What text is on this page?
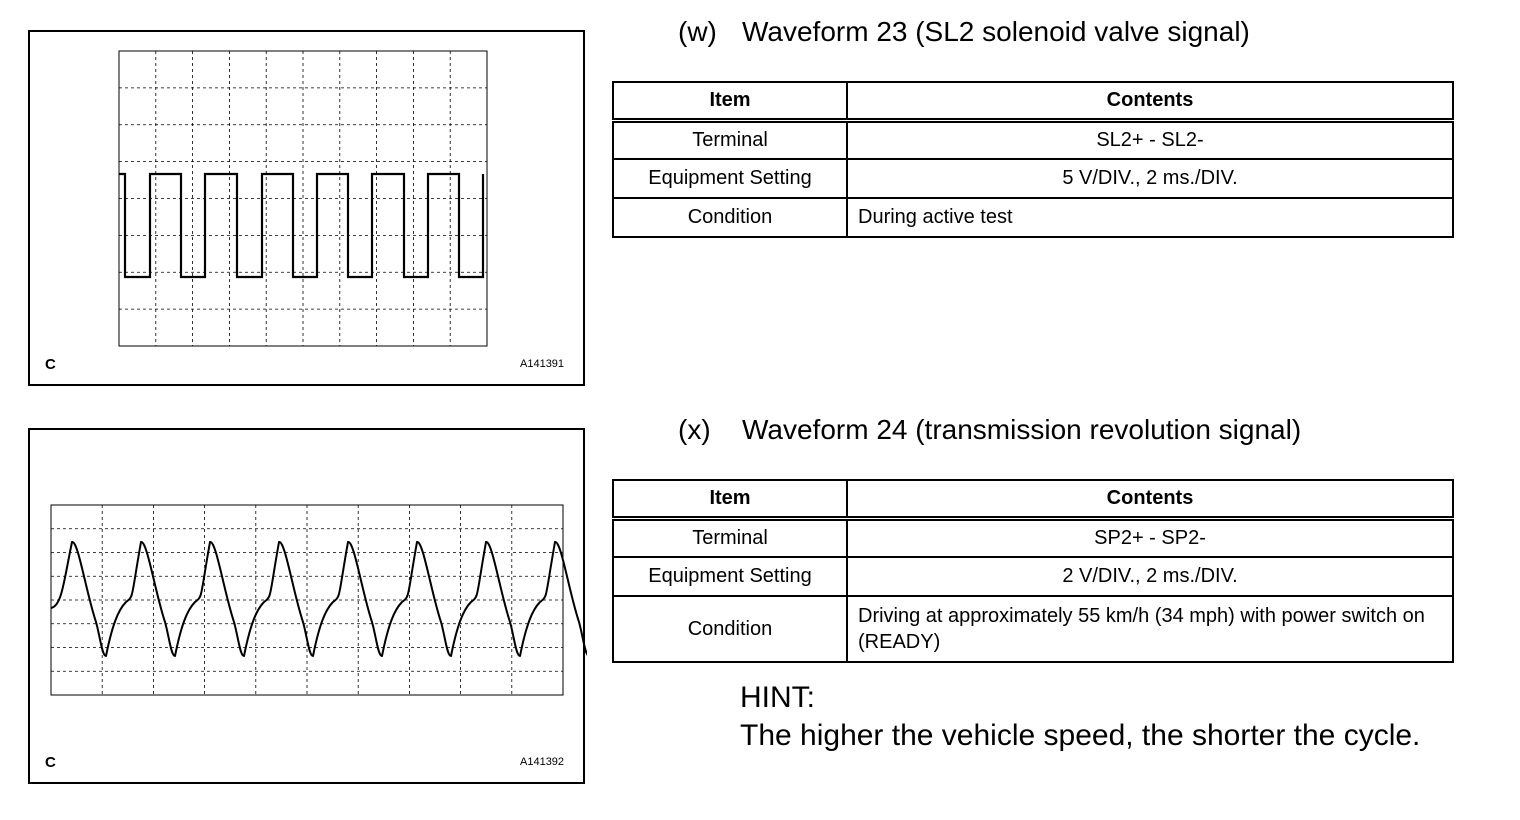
C	A141391
(w) Waveform 23 (SL2 solenoid valve signal)
Item	Contents
Terminal	SL2+ - SL2-
Equipment Setting	5 V/DIV., 2 ms./DIV.
Condition	During active test
C	A141392
(x) Waveform 24 (transmission revolution signal)
Item	Contents
Terminal	SP2+ - SP2-
Equipment Setting	2 V/DIV., 2 ms./DIV.
Condition	Driving at approximately 55 km/h (34 mph) with power switch on (READY)
HINT:
The higher the vehicle speed, the shorter the cycle.
